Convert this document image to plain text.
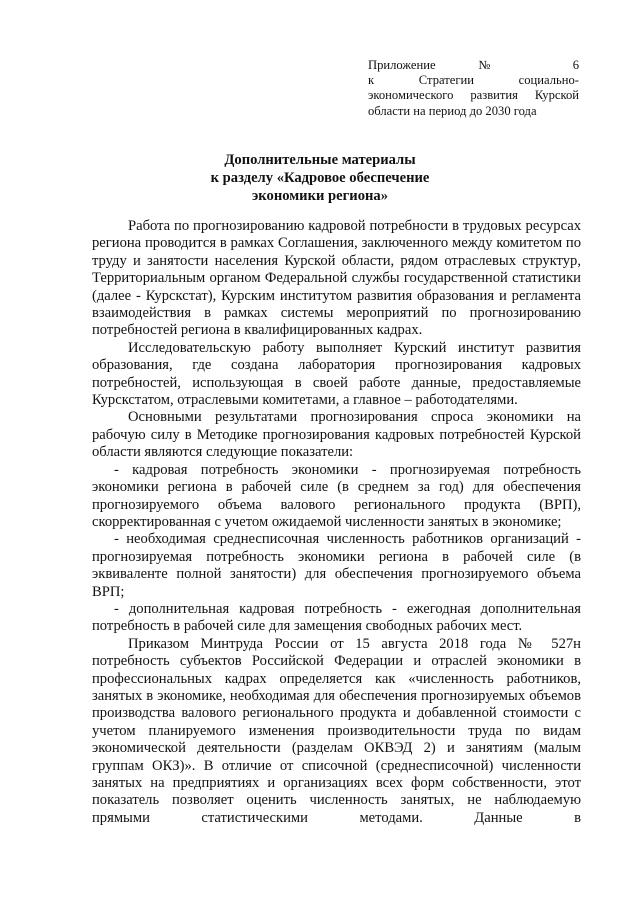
Приложение № 6
к Стратегии социально-
экономического развития Курской
области на период до 2030 года
Дополнительные материалы
к разделу «Кадровое обеспечение
экономики региона»

Работа по прогнозированию кадровой потребности в трудовых ресурсах региона проводится в рамках Соглашения, заключенного между комитетом по труду и занятости населения Курской области, рядом отраслевых структур, Территориальным органом Федеральной службы государственной статистики (далее - Курскстат), Курским институтом развития образования и регламента взаимодействия в рамках системы мероприятий по прогнозированию потребностей региона в квалифицированных кадрах.

Исследовательскую работу выполняет Курский институт развития образования, где создана лаборатория прогнозирования кадровых потребностей, использующая в своей работе данные, предоставляемые Курскстатом, отраслевыми комитетами, а главное – работодателями.

Основными результатами прогнозирования спроса экономики на рабочую силу в Методике прогнозирования кадровых потребностей Курской области являются следующие показатели:

- кадровая потребность экономики - прогнозируемая потребность экономики региона в рабочей силе (в среднем за год) для обеспечения прогнозируемого объема валового регионального продукта (ВРП), скорректированная с учетом ожидаемой численности занятых в экономике;

- необходимая среднесписочная численность работников организаций - прогнозируемая потребность экономики региона в рабочей силе (в эквиваленте полной занятости) для обеспечения прогнозируемого объема ВРП;

- дополнительная кадровая потребность - ежегодная дополнительная потребность в рабочей силе для замещения свободных рабочих мест.

Приказом Минтруда России от 15 августа 2018 года № 527н потребность субъектов Российской Федерации и отраслей экономики в профессиональных кадрах определяется как «численность работников, занятых в экономике, необходимая для обеспечения прогнозируемых объемов производства валового регионального продукта и добавленной стоимости с учетом планируемого изменения производительности труда по видам экономической деятельности (разделам ОКВЭД 2) и занятиям (малым группам ОКЗ)». В отличие от списочной (среднесписочной) численности занятых на предприятиях и организациях всех форм собственности, этот показатель позволяет оценить численность занятых, не наблюдаемую прямыми статистическими методами. Данные в
